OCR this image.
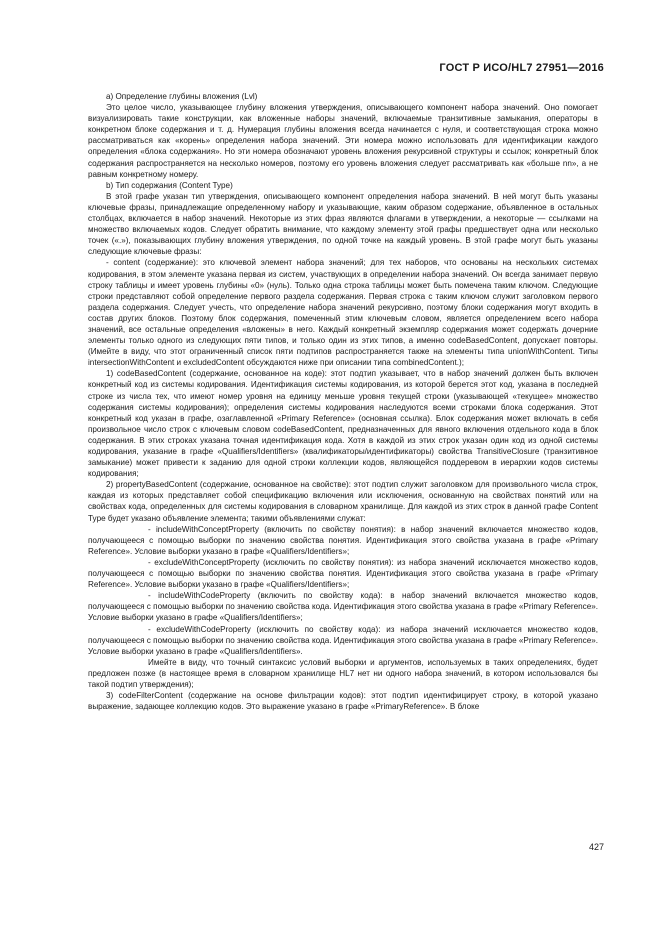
ГОСТ Р ИСО/HL7 27951—2016

a) Определение глубины вложения (Lvl)

Это целое число, указывающее глубину вложения утверждения, описывающего компонент набора значений. Оно помогает визуализировать такие конструкции, как вложенные наборы значений, включаемые транзитивные замыкания, операторы в конкретном блоке содержания и т. д. Нумерация глубины вложения всегда начинается с нуля, и соответствующая строка можно рассматриваться как «корень» определения набора значений. Эти номера можно использовать для идентификации каждого определения «блока содержания». Но эти номера обозначают уровень вложения рекурсивной структуры и ссылок; конкретный блок содержания распространяется на несколько номеров, поэтому его уровень вложения следует рассматривать как «больше nn», а не равным конкретному номеру.

b) Тип содержания (Content Type)

В этой графе указан тип утверждения, описывающего компонент определения набора значений. В ней могут быть указаны ключевые фразы, принадлежащие определенному набору и указывающие, каким образом содержание, объявленное в остальных столбцах, включается в набор значений. Некоторые из этих фраз являются флагами в утверждении, а некоторые — ссылками на множество включаемых кодов. Следует обратить внимание, что каждому элементу этой графы предшествует одна или несколько точек («.»), показывающих глубину вложения утверждения, по одной точке на каждый уровень. В этой графе могут быть указаны следующие ключевые фразы:

- content (содержание): это ключевой элемент набора значений; для тех наборов, что основаны на нескольких системах кодирования, в этом элементе указана первая из систем, участвующих в определении набора значений. Он всегда занимает первую строку таблицы и имеет уровень глубины «0» (нуль). Только одна строка таблицы может быть помечена таким ключом. Следующие строки представляют собой определение первого раздела содержания. Первая строка с таким ключом служит заголовком первого раздела содержания. Следует учесть, что определение набора значений рекурсивно, поэтому блоки содержания могут входить в состав других блоков. Поэтому блок содержания, помеченный этим ключевым словом, является определением всего набора значений, все остальные определения «вложены» в него. Каждый конкретный экземпляр содержания может содержать дочерние элементы только одного из следующих пяти типов, и только один из этих типов, а именно codeBasedContent, допускает повторы. (Имейте в виду, что этот ограниченный список пяти подтипов распространяется также на элементы типа unionWithContent. Типы intersectionWithContent и excludedContent обсуждаются ниже при описании типа combinedContent.);

1) codeBasedContent (содержание, основанное на коде): этот подтип указывает, что в набор значений должен быть включен конкретный код из системы кодирования. Идентификация системы кодирования, из которой берется этот код, указана в последней строке из числа тех, что имеют номер уровня на единицу меньше уровня текущей строки (указывающей «текущее» множество содержания системы кодирования); определения системы кодирования наследуются всеми строками блока содержания. Этот конкретный код указан в графе, озаглавленной «Primary Reference» (основная ссылка). Блок содержания может включать в себя произвольное число строк с ключевым словом codeBasedContent, предназначенных для явного включения отдельного кода в блок содержания. В этих строках указана точная идентификация кода. Хотя в каждой из этих строк указан один код из одной системы кодирования, указание в графе «Qualifiers/Identifiers» (квалификаторы/идентификаторы) свойства TransitiveClosure (транзитивное замыкание) может привести к заданию для одной строки коллекции кодов, являющейся поддеревом в иерархии кодов системы кодирования;

2) propertyBasedContent (содержание, основанное на свойстве): этот подтип служит заголовком для произвольного числа строк, каждая из которых представляет собой спецификацию включения или исключения, основанную на свойствах понятий или на свойствах кода, определенных для системы кодирования в словарном хранилище. Для каждой из этих строк в данной графе Content Type будет указано объявление элемента; такими объявлениями служат:

- includeWithConceptProperty (включить по свойству понятия): в набор значений включается множество кодов, получающееся с помощью выборки по значению свойства понятия. Идентификация этого свойства указана в графе «Primary Reference». Условие выборки указано в графе «Qualifiers/Identifiers»;

- excludeWithConceptProperty (исключить по свойству понятия): из набора значений исключается множество кодов, получающееся с помощью выборки по значению свойства понятия. Идентификация этого свойства указана в графе «Primary Reference». Условие выборки указано в графе «Qualifiers/Identifiers»;

- includeWithCodeProperty (включить по свойству кода): в набор значений включается множество кодов, получающееся с помощью выборки по значению свойства кода. Идентификация этого свойства указана в графе «Primary Reference». Условие выборки указано в графе «Qualifiers/Identifiers»;

- excludeWithCodeProperty (исключить по свойству кода): из набора значений исключается множество кодов, получающееся с помощью выборки по значению свойства кода. Идентификация этого свойства указана в графе «Primary Reference». Условие выборки указано в графе «Qualifiers/Identifiers».

Имейте в виду, что точный синтаксис условий выборки и аргументов, используемых в таких определениях, будет предложен позже (в настоящее время в словарном хранилище HL7 нет ни одного набора значений, в котором использовался бы такой подтип утверждения);

3) codeFilterContent (содержание на основе фильтрации кодов): этот подтип идентифицирует строку, в которой указано выражение, задающее коллекцию кодов. Это выражение указано в графе «PrimaryReference». В блоке

427
